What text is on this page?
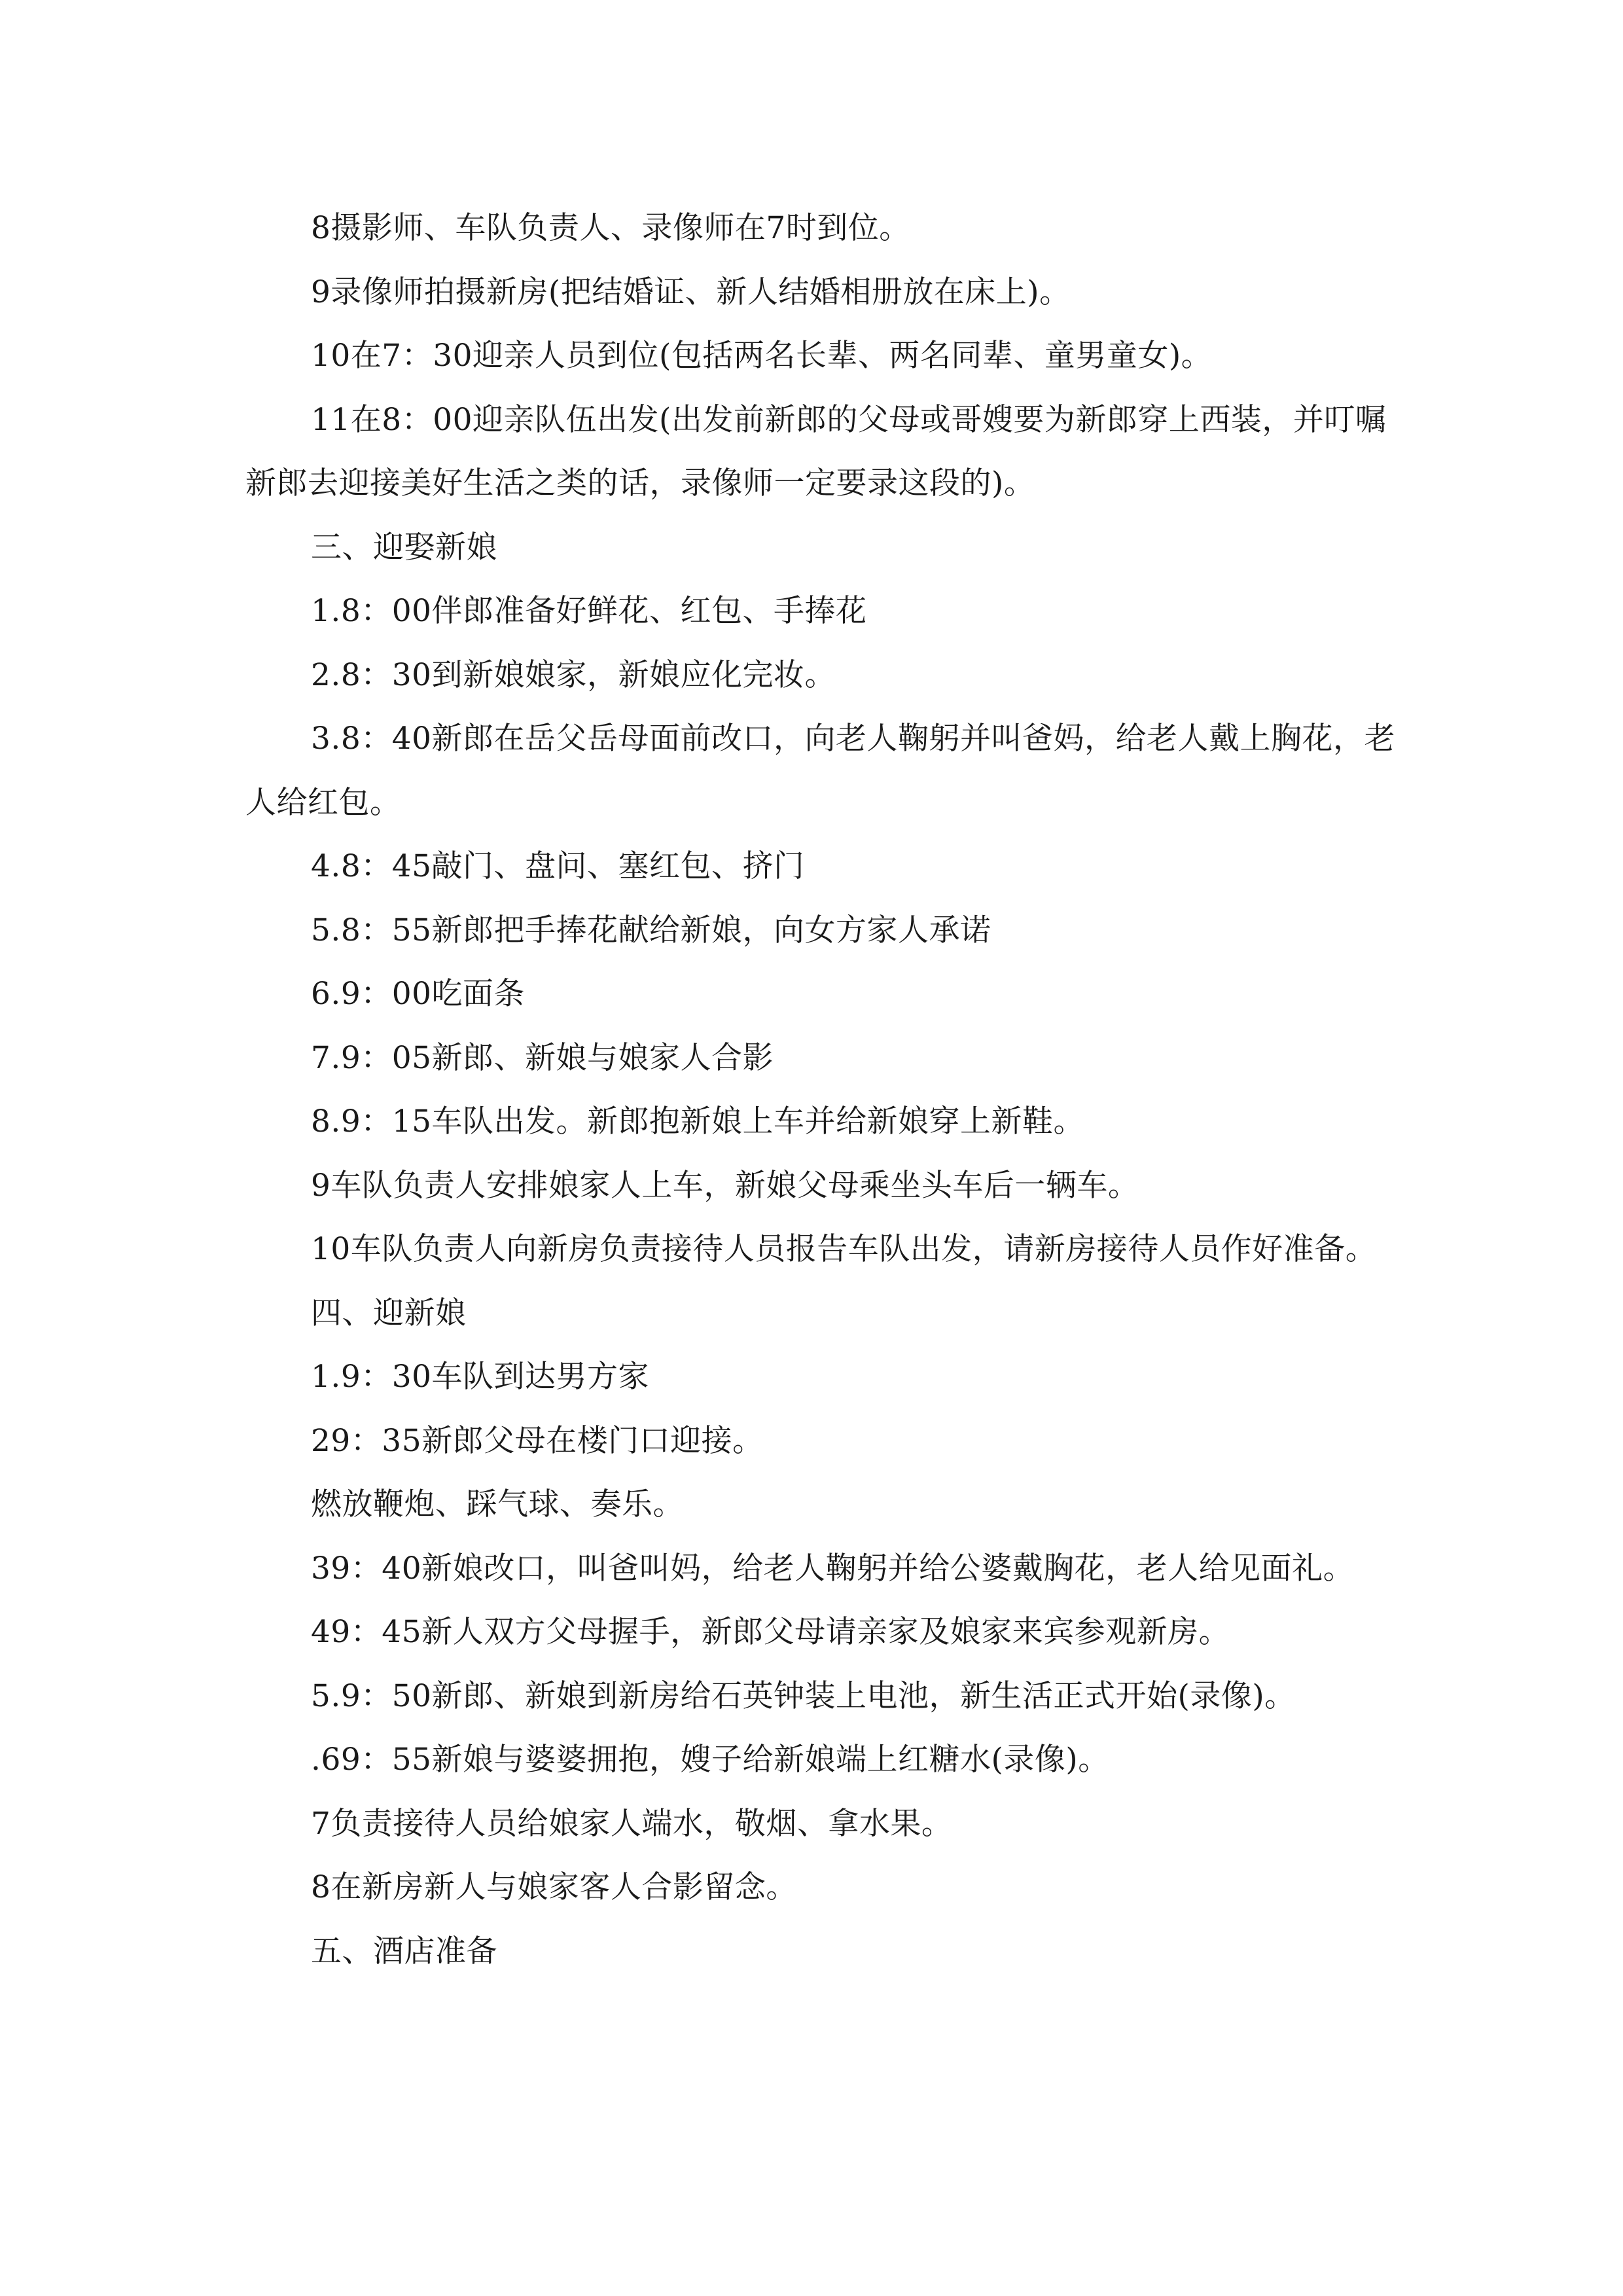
8摄影师、车队负责人、录像师在7时到位。

9录像师拍摄新房(把结婚证、新人结婚相册放在床上)。

10在7：30迎亲人员到位(包括两名长辈、两名同辈、童男童女)。

11在8：00迎亲队伍出发(出发前新郎的父母或哥嫂要为新郎穿上西装，并叮嘱新郎去迎接美好生活之类的话，录像师一定要录这段的)。

三、迎娶新娘

1.8：00伴郎准备好鲜花、红包、手捧花

2.8：30到新娘娘家，新娘应化完妆。

3.8：40新郎在岳父岳母面前改口，向老人鞠躬并叫爸妈，给老人戴上胸花，老人给红包。

4.8：45敲门、盘问、塞红包、挤门

5.8：55新郎把手捧花献给新娘，向女方家人承诺

6.9：00吃面条

7.9：05新郎、新娘与娘家人合影

8.9：15车队出发。新郎抱新娘上车并给新娘穿上新鞋。

9车队负责人安排娘家人上车，新娘父母乘坐头车后一辆车。

10车队负责人向新房负责接待人员报告车队出发，请新房接待人员作好准备。

四、迎新娘

1.9：30车队到达男方家

29：35新郎父母在楼门口迎接。

燃放鞭炮、踩气球、奏乐。

39：40新娘改口，叫爸叫妈，给老人鞠躬并给公婆戴胸花，老人给见面礼。

49：45新人双方父母握手，新郎父母请亲家及娘家来宾参观新房。

5.9：50新郎、新娘到新房给石英钟装上电池，新生活正式开始(录像)。

.69：55新娘与婆婆拥抱，嫂子给新娘端上红糖水(录像)。

7负责接待人员给娘家人端水，敬烟、拿水果。

8在新房新人与娘家客人合影留念。

五、酒店准备
